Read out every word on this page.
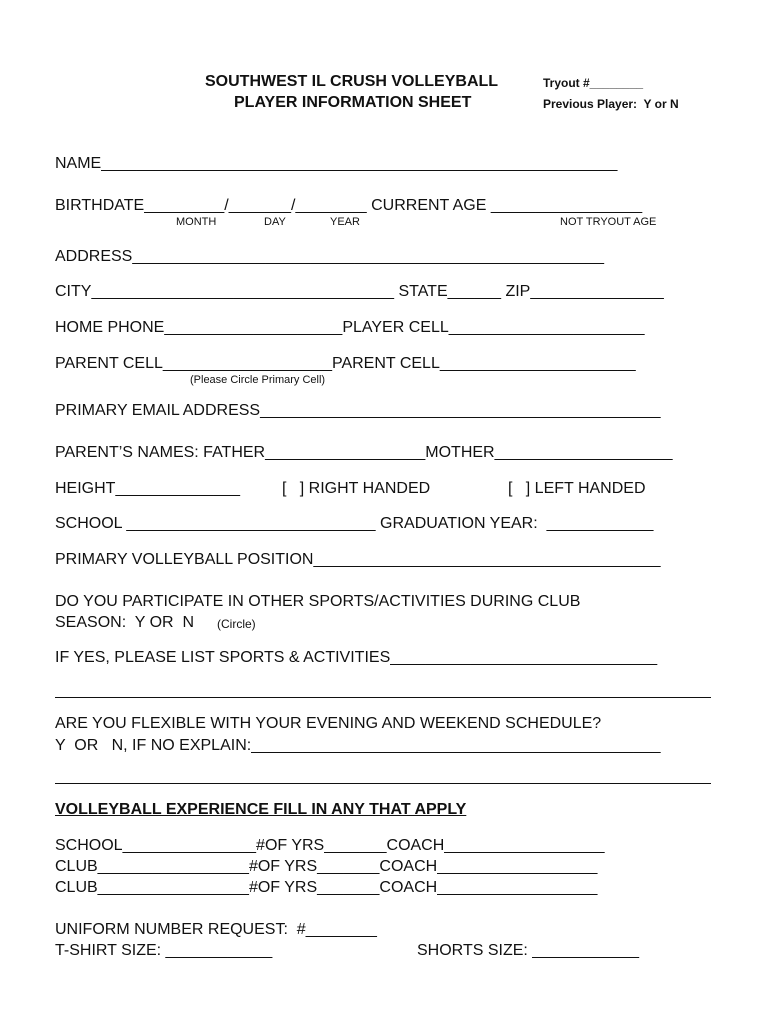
SOUTHWEST IL CRUSH VOLLEYBALL
PLAYER INFORMATION SHEET
Tryout #________
Previous Player:  Y or N
NAME__________________________________________________________
BIRTHDATE_________/_______/________ CURRENT AGE _________________
MONTH	DAY	YEAR	NOT TRYOUT AGE
ADDRESS_____________________________________________________
CITY__________________________________ STATE______ ZIP_______________
HOME PHONE____________________PLAYER CELL______________________
PARENT CELL___________________PARENT CELL______________________
(Please Circle Primary Cell)
PRIMARY EMAIL ADDRESS_____________________________________________
PARENT’S NAMES: FATHER__________________MOTHER____________________
HEIGHT______________	[   ] RIGHT HANDED	[   ] LEFT HANDED
SCHOOL ____________________________ GRADUATION YEAR:  ____________
PRIMARY VOLLEYBALL POSITION_______________________________________
DO YOU PARTICIPATE IN OTHER SPORTS/ACTIVITIES DURING CLUB
SEASON:  Y OR  N (Circle)
IF YES, PLEASE LIST SPORTS & ACTIVITIES______________________________
ARE YOU FLEXIBLE WITH YOUR EVENING AND WEEKEND SCHEDULE?
Y  OR   N, IF NO EXPLAIN:______________________________________________
VOLLEYBALL EXPERIENCE FILL IN ANY THAT APPLY
SCHOOL_______________#OF YRS_______COACH__________________
CLUB_________________#OF YRS_______COACH__________________
CLUB_________________#OF YRS_______COACH__________________
UNIFORM NUMBER REQUEST:  #________
T-SHIRT SIZE: ____________	SHORTS SIZE: ____________
